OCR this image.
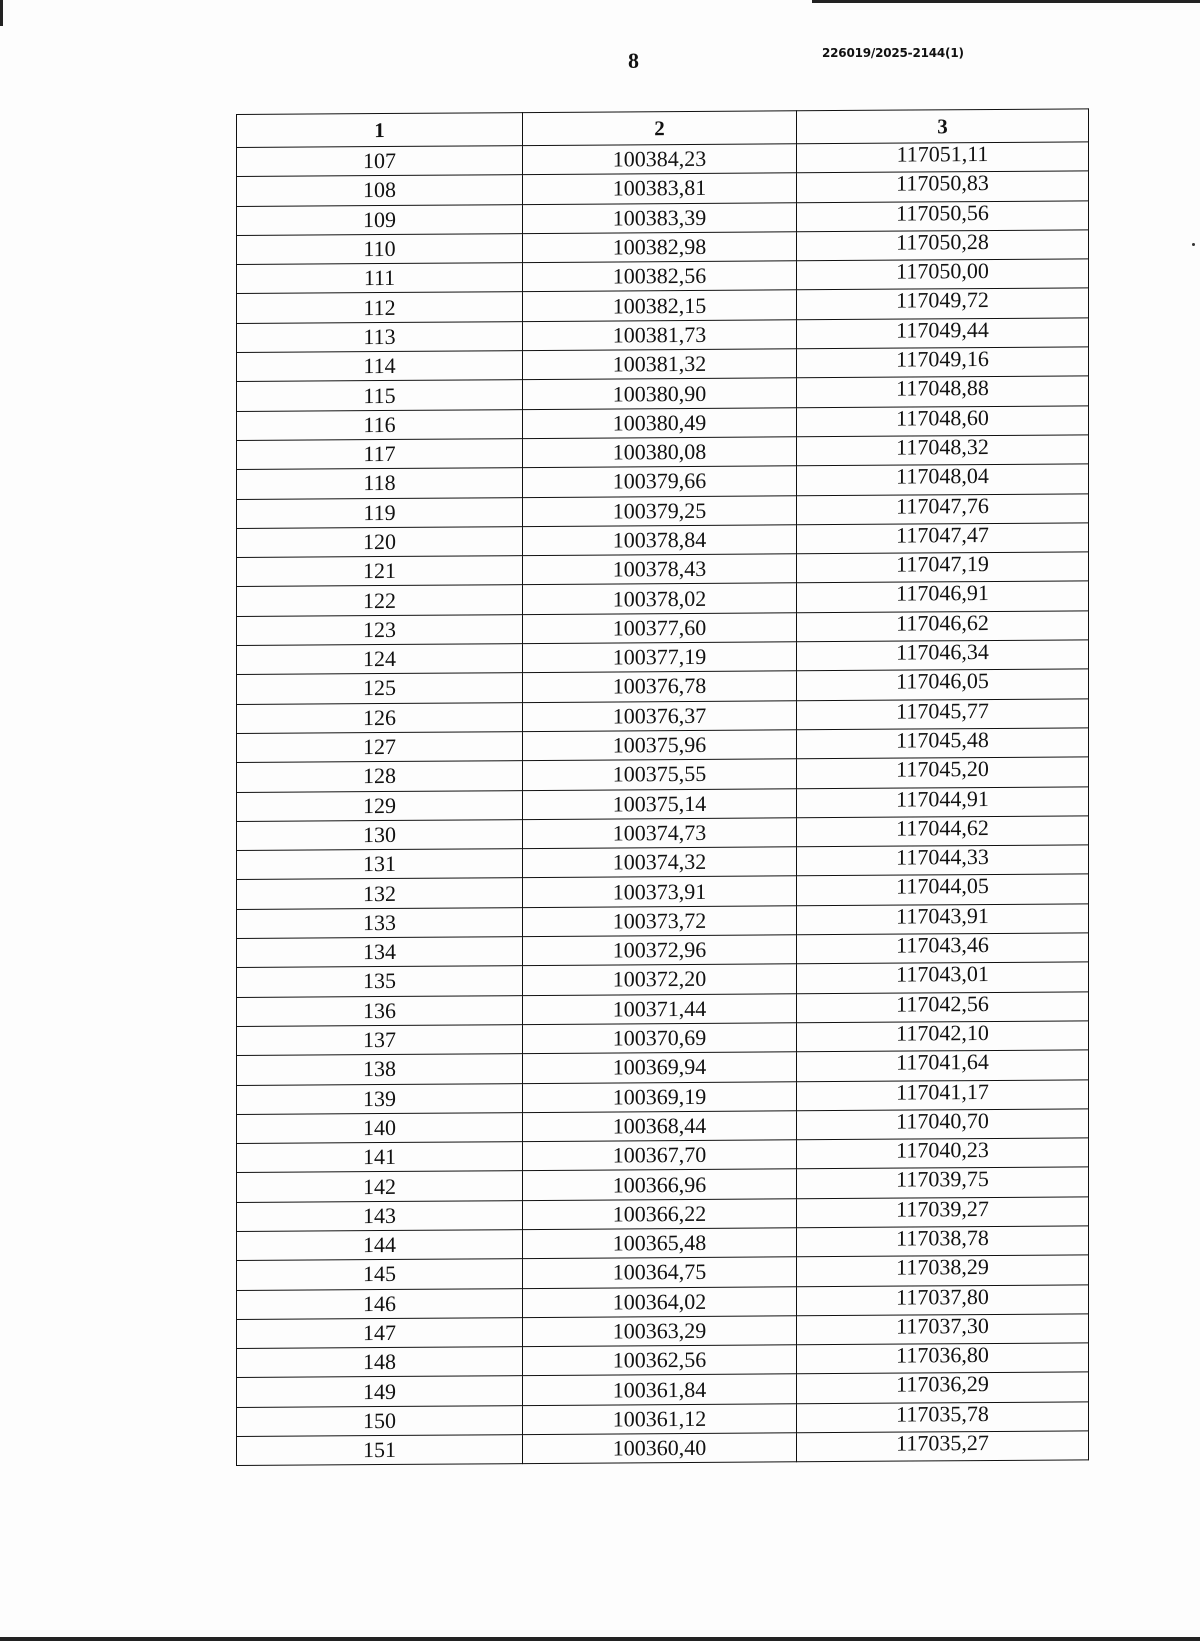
8	226019/2025-2144(1)
1	2	3
107	100384,23	117051,11
108	100383,81	117050,83
109	100383,39	117050,56
110	100382,98	117050,28
111	100382,56	117050,00
112	100382,15	117049,72
113	100381,73	117049,44
114	100381,32	117049,16
115	100380,90	117048,88
116	100380,49	117048,60
117	100380,08	117048,32
118	100379,66	117048,04
119	100379,25	117047,76
120	100378,84	117047,47
121	100378,43	117047,19
122	100378,02	117046,91
123	100377,60	117046,62
124	100377,19	117046,34
125	100376,78	117046,05
126	100376,37	117045,77
127	100375,96	117045,48
128	100375,55	117045,20
129	100375,14	117044,91
130	100374,73	117044,62
131	100374,32	117044,33
132	100373,91	117044,05
133	100373,72	117043,91
134	100372,96	117043,46
135	100372,20	117043,01
136	100371,44	117042,56
137	100370,69	117042,10
138	100369,94	117041,64
139	100369,19	117041,17
140	100368,44	117040,70
141	100367,70	117040,23
142	100366,96	117039,75
143	100366,22	117039,27
144	100365,48	117038,78
145	100364,75	117038,29
146	100364,02	117037,80
147	100363,29	117037,30
148	100362,56	117036,80
149	100361,84	117036,29
150	100361,12	117035,78
151	100360,40	117035,27
